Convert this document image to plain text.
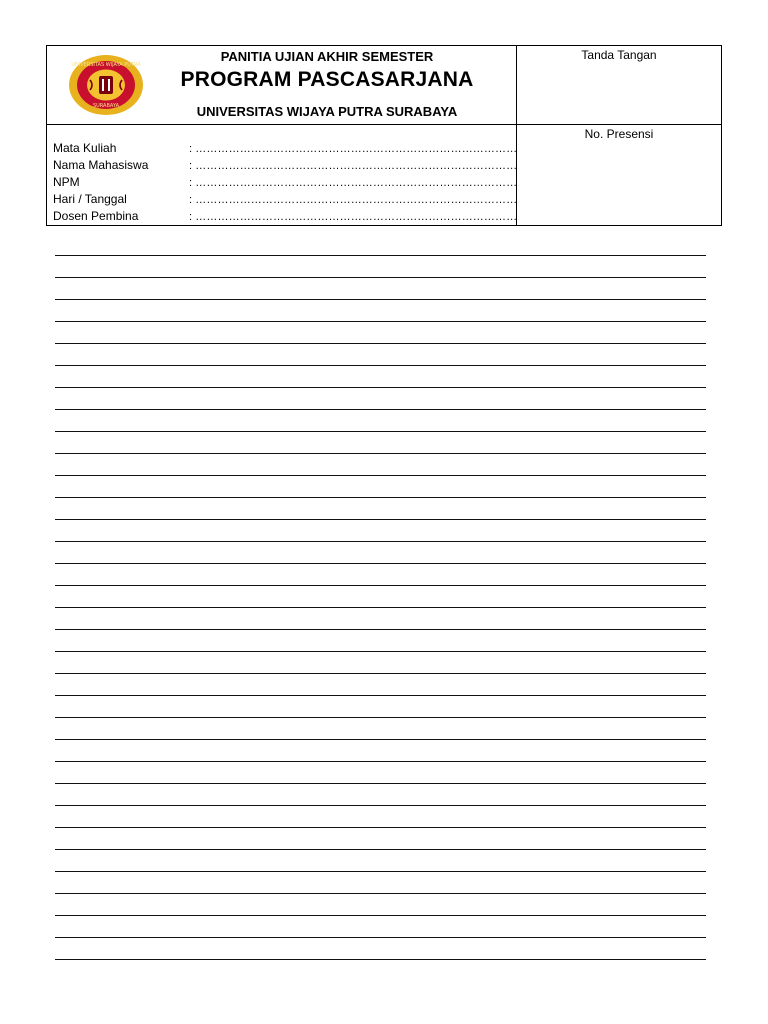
UNIVERSITAS WIJAYA PUTRA
SURABAYA
PANITIA UJIAN AKHIR SEMESTER
PROGRAM PASCASARJANA
UNIVERSITAS WIJAYA PUTRA SURABAYA
Tanda Tangan
Mata Kuliah	: ……………………………………………………………………………
Nama Mahasiswa	: ……………………………………………………………………………
NPM	: ……………………………………………………………………………
Hari / Tanggal	: ……………………………………………………………………………
Dosen Pembina	: ……………………………………………………………………………
No. Presensi
